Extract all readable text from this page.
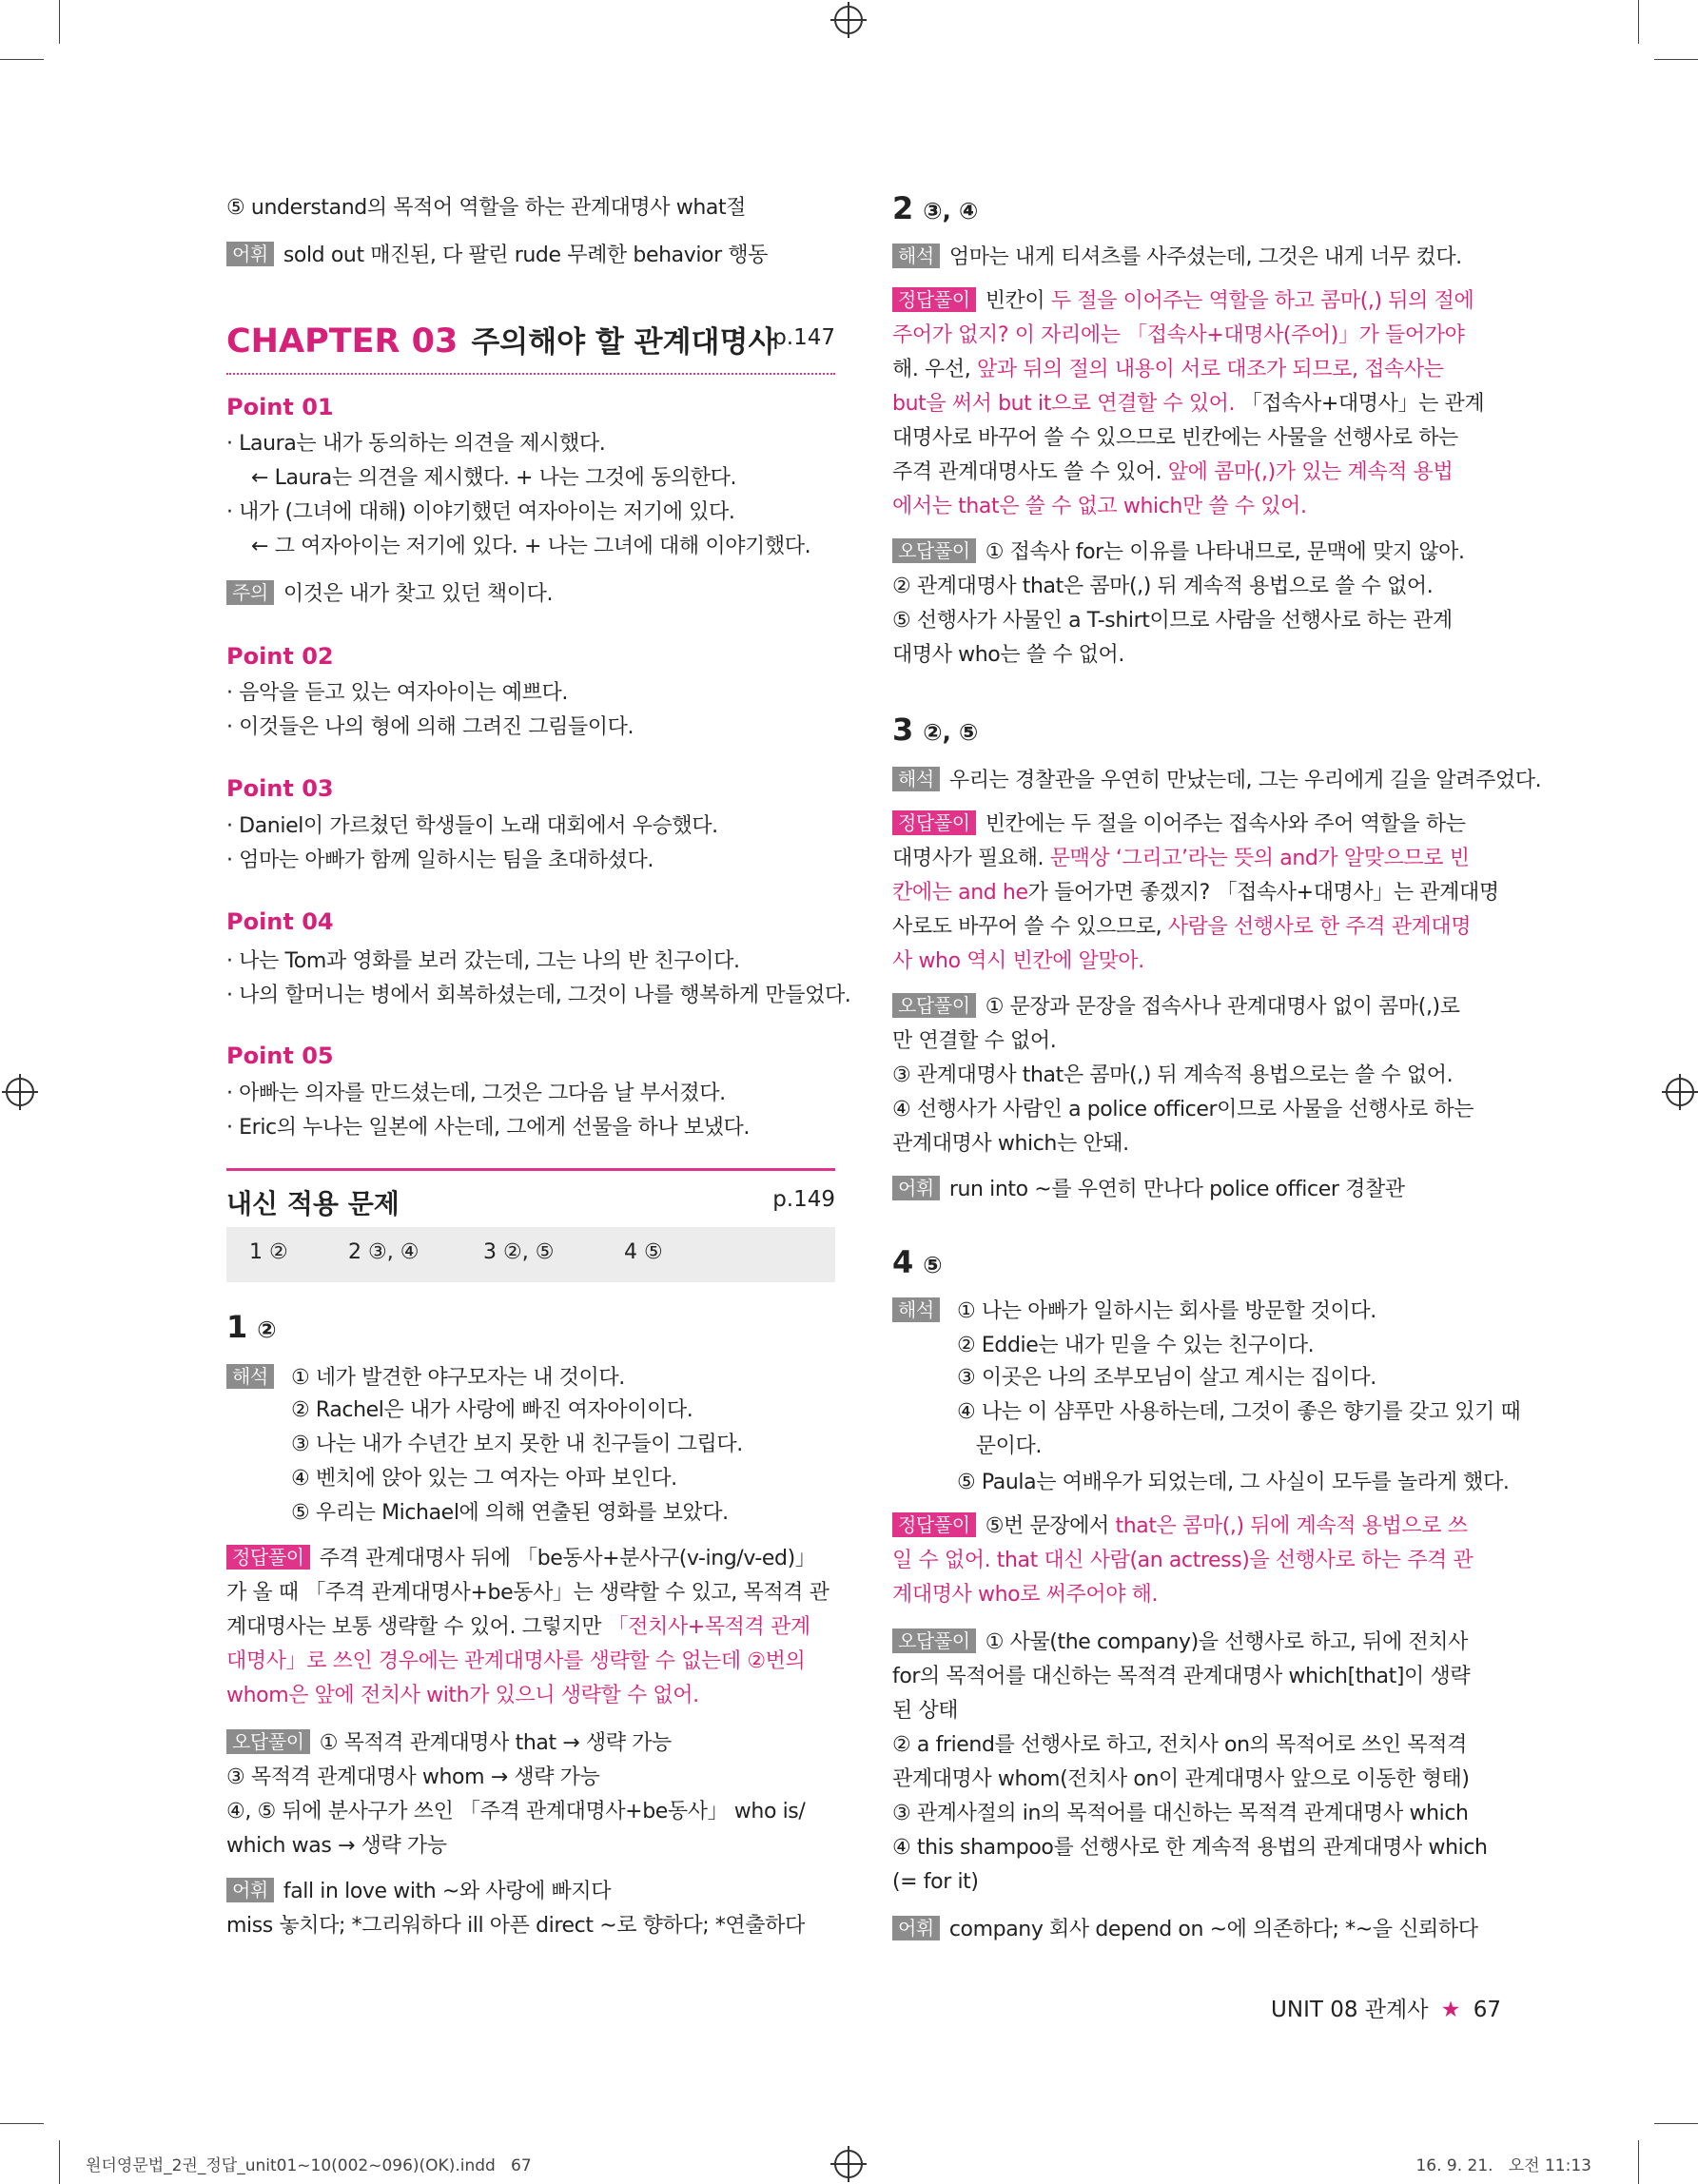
⑤ understand의 목적어 역할을 하는 관계대명사 what절
어휘 sold out 매진된, 다 팔린 rude 무례한 behavior 행동
CHAPTER 03 주의해야 할 관계대명사
p.147
Point 01
· Laura는 내가 동의하는 의견을 제시했다.
← Laura는 의견을 제시했다. + 나는 그것에 동의한다.
· 내가 (그녀에 대해) 이야기했던 여자아이는 저기에 있다.
← 그 여자아이는 저기에 있다. + 나는 그녀에 대해 이야기했다.
주의 이것은 내가 찾고 있던 책이다.
Point 02
· 음악을 듣고 있는 여자아이는 예쁘다.
· 이것들은 나의 형에 의해 그려진 그림들이다.
Point 03
· Daniel이 가르쳤던 학생들이 노래 대회에서 우승했다.
· 엄마는 아빠가 함께 일하시는 팀을 초대하셨다.
Point 04
· 나는 Tom과 영화를 보러 갔는데, 그는 나의 반 친구이다.
· 나의 할머니는 병에서 회복하셨는데, 그것이 나를 행복하게 만들었다.
Point 05
· 아빠는 의자를 만드셨는데, 그것은 그다음 날 부서졌다.
· Eric의 누나는 일본에 사는데, 그에게 선물을 하나 보냈다.
내신 적용 문제	p.149
1 ②	2 ③, ④	3 ②, ⑤	4 ⑤
1 ②
해석	① 네가 발견한 야구모자는 내 것이다.
② Rachel은 내가 사랑에 빠진 여자아이이다.
③ 나는 내가 수년간 보지 못한 내 친구들이 그립다.
④ 벤치에 앉아 있는 그 여자는 아파 보인다.
⑤ 우리는 Michael에 의해 연출된 영화를 보았다.
정답풀이 주격 관계대명사 뒤에 「be동사+분사구(v-ing/v-ed)」
가 올 때 「주격 관계대명사+be동사」는 생략할 수 있고, 목적격 관
계대명사는 보통 생략할 수 있어. 그렇지만 「전치사+목적격 관계
대명사」로 쓰인 경우에는 관계대명사를 생략할 수 없는데 ②번의
whom은 앞에 전치사 with가 있으니 생략할 수 없어.
오답풀이 ① 목적격 관계대명사 that → 생략 가능
③ 목적격 관계대명사 whom → 생략 가능
④, ⑤ 뒤에 분사구가 쓰인 「주격 관계대명사+be동사」 who is/
which was → 생략 가능
어휘 fall in love with ~와 사랑에 빠지다
miss 놓치다; *그리워하다 ill 아픈 direct ~로 향하다; *연출하다
2 ③, ④
해석 엄마는 내게 티셔츠를 사주셨는데, 그것은 내게 너무 컸다.
정답풀이 빈칸이 두 절을 이어주는 역할을 하고 콤마(,) 뒤의 절에
주어가 없지? 이 자리에는 「접속사+대명사(주어)」가 들어가야
해. 우선, 앞과 뒤의 절의 내용이 서로 대조가 되므로, 접속사는
but을 써서 but it으로 연결할 수 있어. 「접속사+대명사」는 관계
대명사로 바꾸어 쓸 수 있으므로 빈칸에는 사물을 선행사로 하는
주격 관계대명사도 쓸 수 있어. 앞에 콤마(,)가 있는 계속적 용법
에서는 that은 쓸 수 없고 which만 쓸 수 있어.
오답풀이 ① 접속사 for는 이유를 나타내므로, 문맥에 맞지 않아.
② 관계대명사 that은 콤마(,) 뒤 계속적 용법으로 쓸 수 없어.
⑤ 선행사가 사물인 a T-shirt이므로 사람을 선행사로 하는 관계
대명사 who는 쓸 수 없어.
3 ②, ⑤
해석 우리는 경찰관을 우연히 만났는데, 그는 우리에게 길을 알려주었다.
정답풀이 빈칸에는 두 절을 이어주는 접속사와 주어 역할을 하는
대명사가 필요해. 문맥상 ‘그리고’라는 뜻의 and가 알맞으므로 빈
칸에는 and he가 들어가면 좋겠지? 「접속사+대명사」는 관계대명
사로도 바꾸어 쓸 수 있으므로, 사람을 선행사로 한 주격 관계대명
사 who 역시 빈칸에 알맞아.
오답풀이 ① 문장과 문장을 접속사나 관계대명사 없이 콤마(,)로
만 연결할 수 없어.
③ 관계대명사 that은 콤마(,) 뒤 계속적 용법으로는 쓸 수 없어.
④ 선행사가 사람인 a police officer이므로 사물을 선행사로 하는
관계대명사 which는 안돼.
어휘 run into ~를 우연히 만나다 police officer 경찰관
4 ⑤
해석	① 나는 아빠가 일하시는 회사를 방문할 것이다.
② Eddie는 내가 믿을 수 있는 친구이다.
③ 이곳은 나의 조부모님이 살고 계시는 집이다.
④ 나는 이 샴푸만 사용하는데, 그것이 좋은 향기를 갖고 있기 때
문이다.
⑤ Paula는 여배우가 되었는데, 그 사실이 모두를 놀라게 했다.
정답풀이 ⑤번 문장에서 that은 콤마(,) 뒤에 계속적 용법으로 쓰
일 수 없어. that 대신 사람(an actress)을 선행사로 하는 주격 관
계대명사 who로 써주어야 해.
오답풀이 ① 사물(the company)을 선행사로 하고, 뒤에 전치사
for의 목적어를 대신하는 목적격 관계대명사 which[that]이 생략
된 상태
② a friend를 선행사로 하고, 전치사 on의 목적어로 쓰인 목적격
관계대명사 whom(전치사 on이 관계대명사 앞으로 이동한 형태)
③ 관계사절의 in의 목적어를 대신하는 목적격 관계대명사 which
④ this shampoo를 선행사로 한 계속적 용법의 관계대명사 which
(= for it)
어휘 company 회사 depend on ~에 의존하다; *~을 신뢰하다
UNIT 08 관계사 ★ 67
원더영문법_2권_정답_unit01~10(002~096)(OK).indd   67	16. 9. 21.   오전 11:13
